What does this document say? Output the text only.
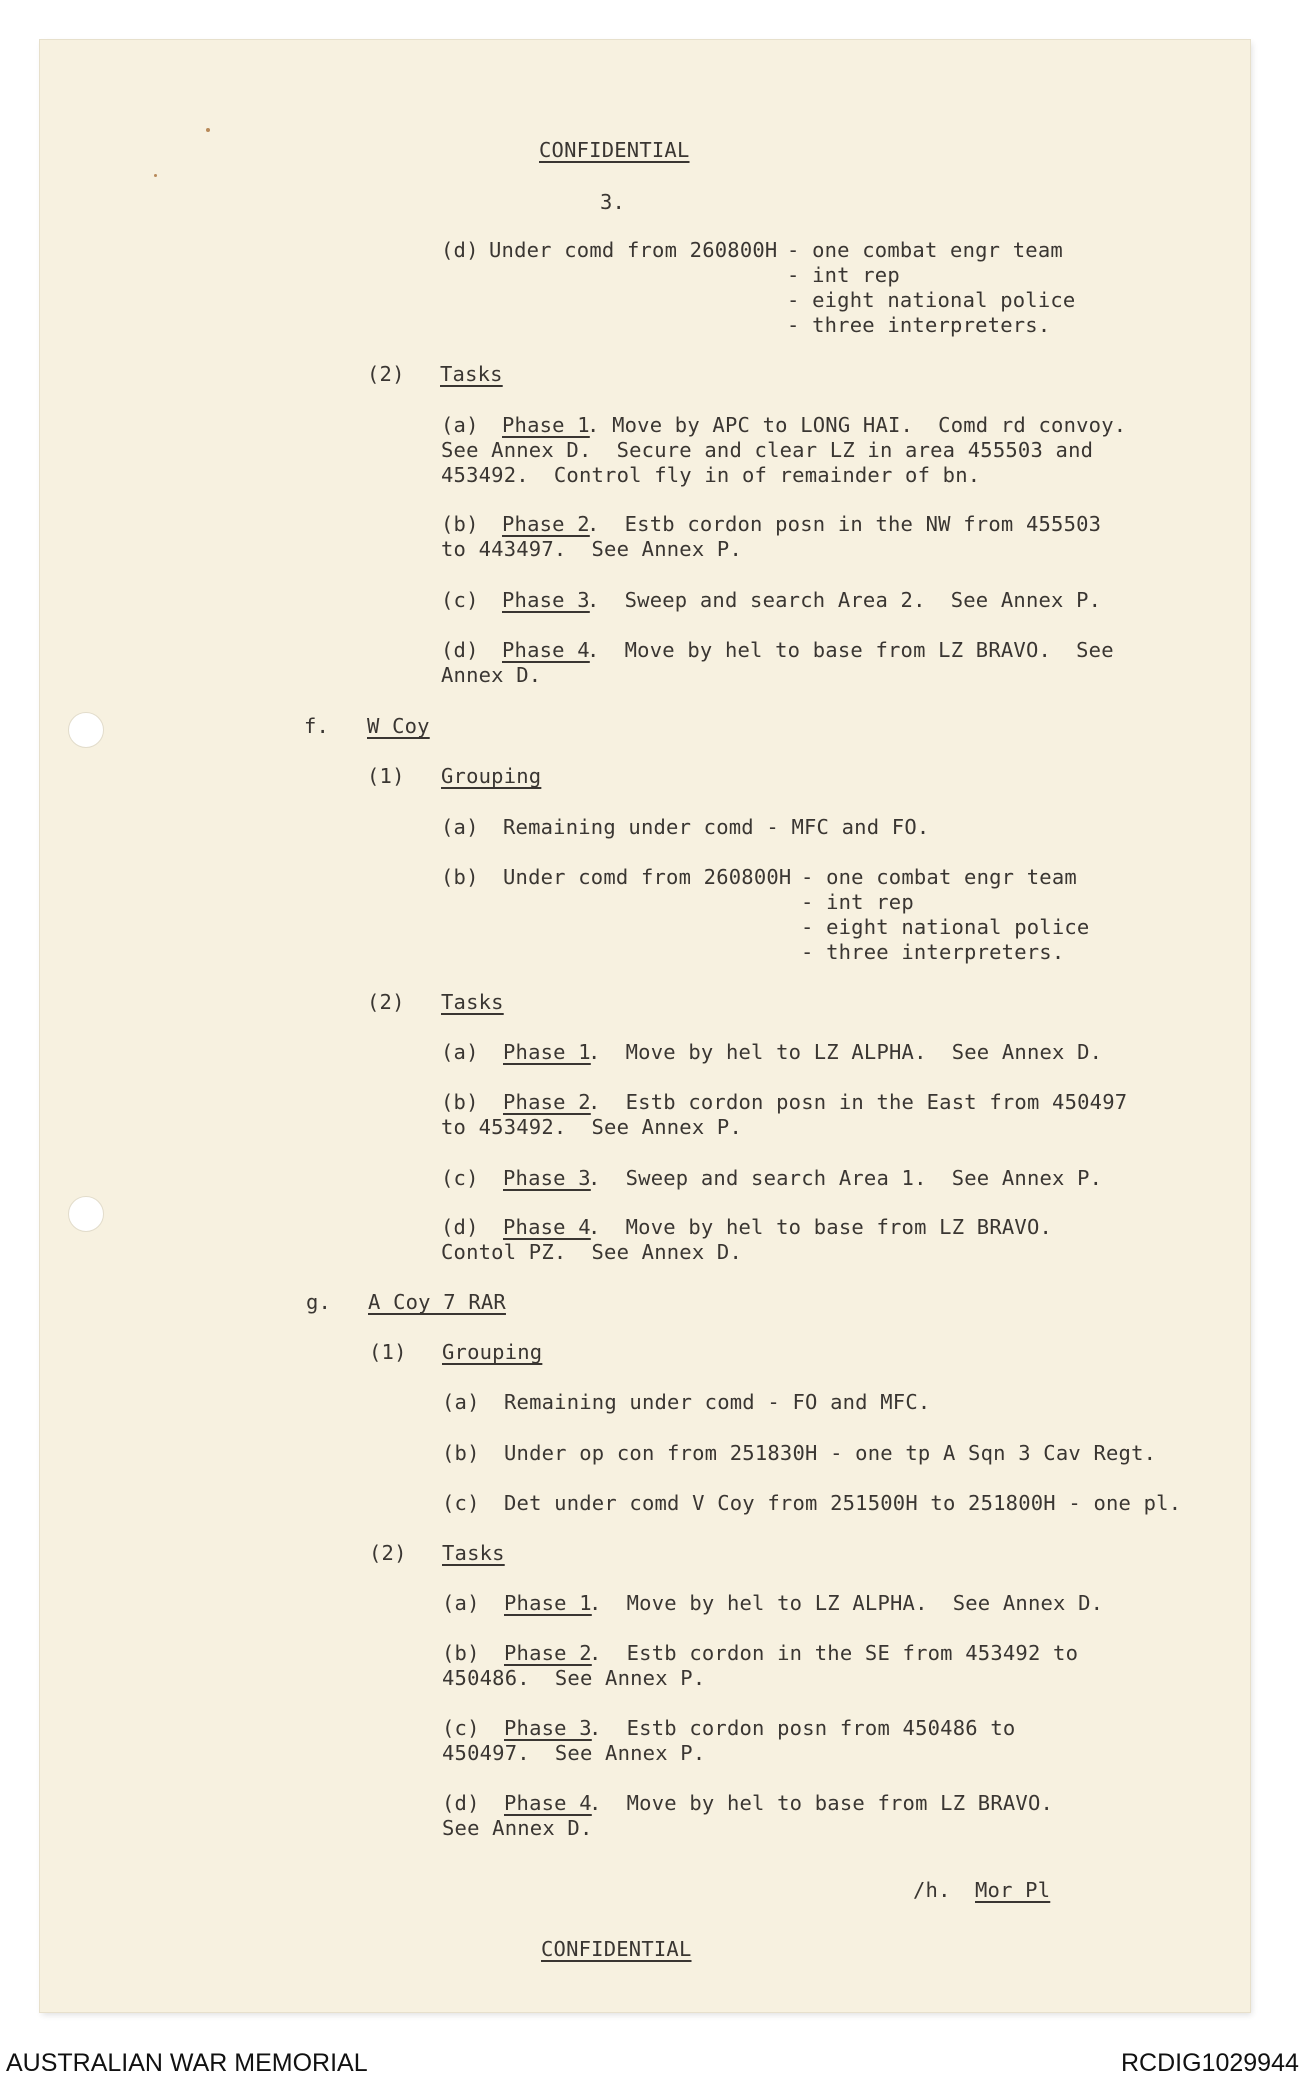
CONFIDENTIAL
3.
(d) Under comd from 260800H - one combat engr team
- int rep
- eight national police
- three interpreters.
(2) Tasks
(a) Phase 1
. Move by APC to LONG HAI.  Comd rd convoy.
See Annex D.  Secure and clear LZ in area 455503 and
453492.  Control fly in of remainder of bn.
(b) Phase 2
.  Estb cordon posn in the NW from 455503
to 443497.  See Annex P.
(c) Phase 3
.  Sweep and search Area 2.  See Annex P.
(d) Phase 4
.  Move by hel to base from LZ BRAVO.  See
Annex D.
f. W Coy
(1) Grouping
(a) Remaining under comd - MFC and FO.
(b) Under comd from 260800H - one combat engr team
- int rep
- eight national police
- three interpreters.
(2) Tasks
(a) Phase 1
.  Move by hel to LZ ALPHA.  See Annex D.
(b) Phase 2
.  Estb cordon posn in the East from 450497
to 453492.  See Annex P.
(c) Phase 3
.  Sweep and search Area 1.  See Annex P.
(d) Phase 4
.  Move by hel to base from LZ BRAVO.
Contol PZ.  See Annex D.
g. A Coy 7 RAR
(1) Grouping
(a) Remaining under comd - FO and MFC.
(b) Under op con from 251830H - one tp A Sqn 3 Cav Regt.
(c) Det under comd V Coy from 251500H to 251800H - one pl.
(2) Tasks
(a) Phase 1
.  Move by hel to LZ ALPHA.  See Annex D.
(b) Phase 2
.  Estb cordon in the SE from 453492 to
450486.  See Annex P.
(c) Phase 3
.  Estb cordon posn from 450486 to
450497.  See Annex P.
(d) Phase 4
.  Move by hel to base from LZ BRAVO.
See Annex D.
/h. Mor Pl
CONFIDENTIAL
AUSTRALIAN WAR MEMORIAL	RCDIG1029944
